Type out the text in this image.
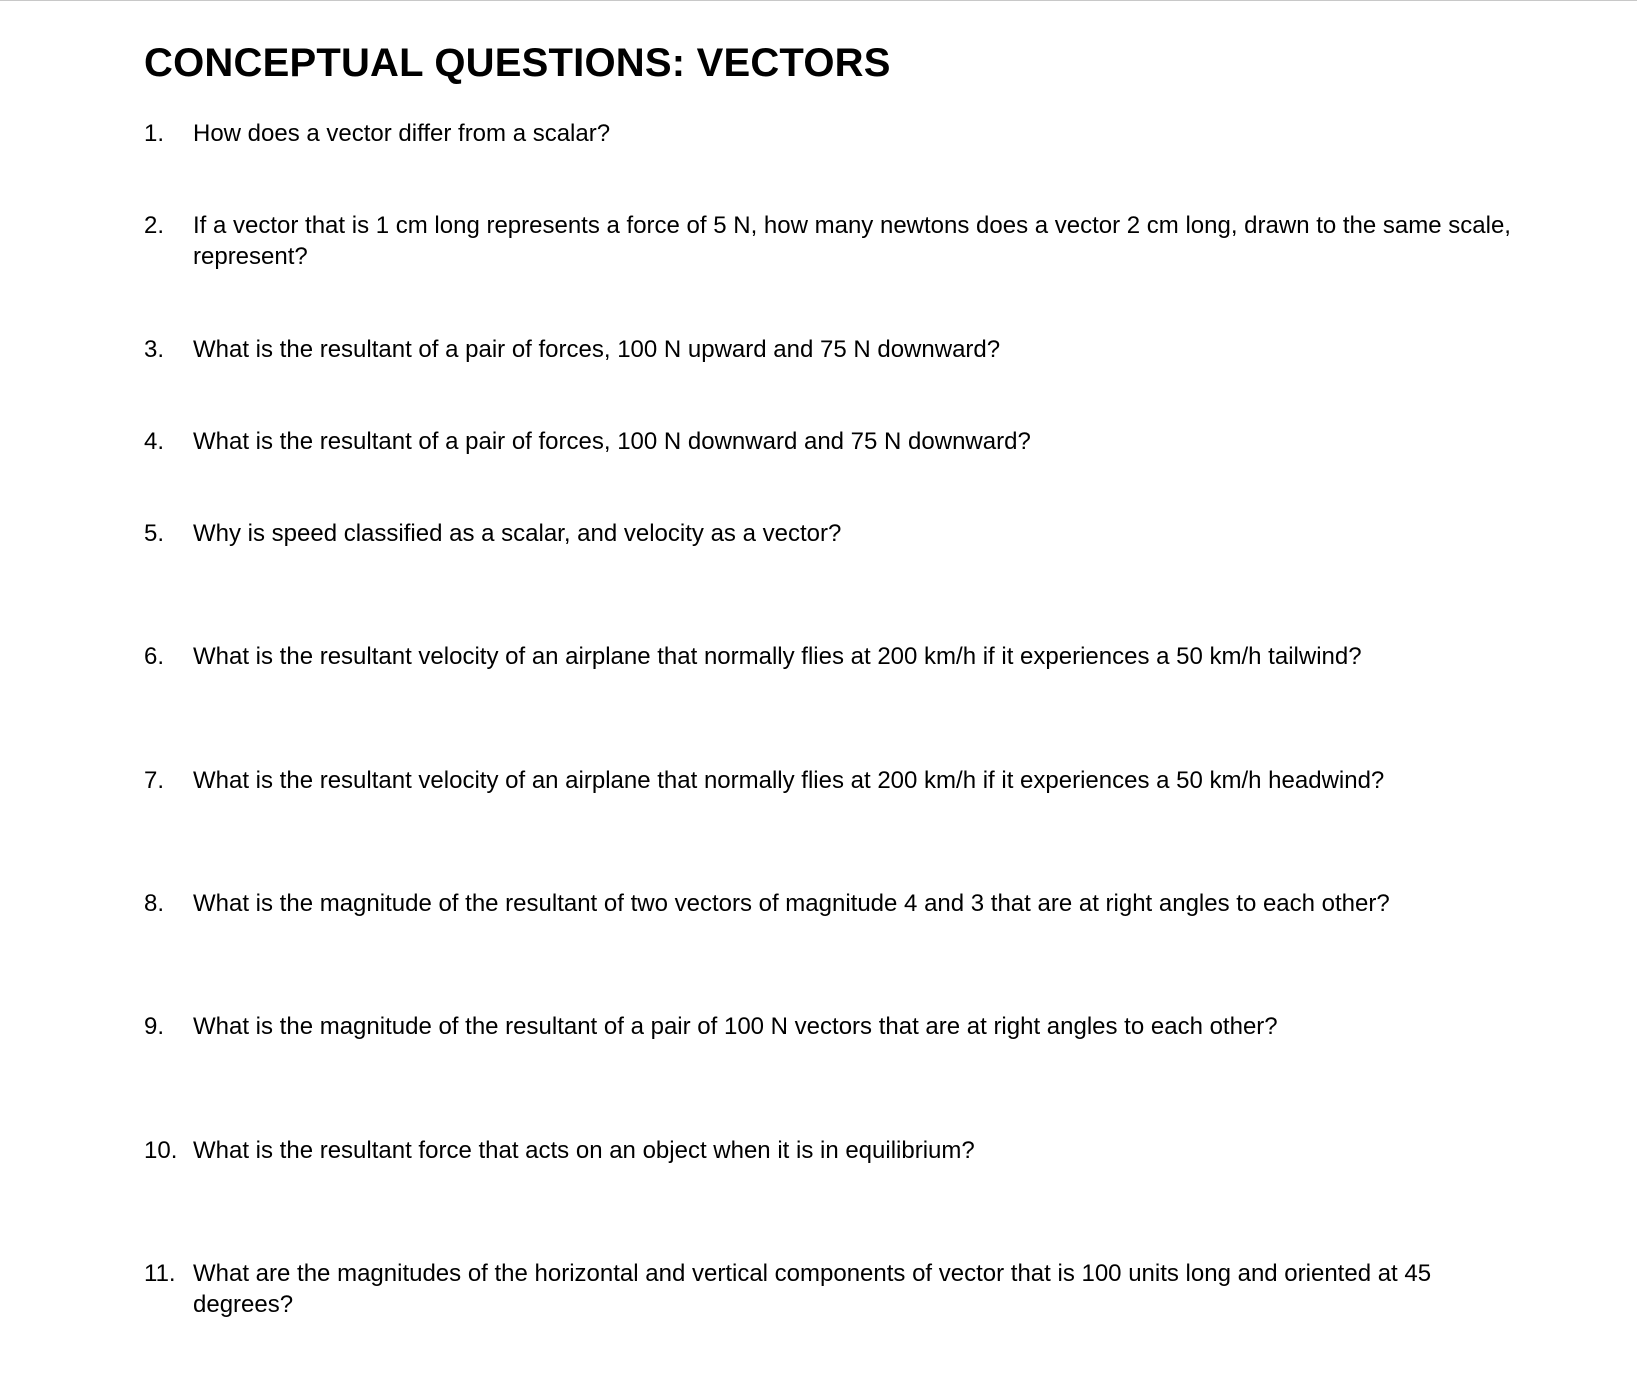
CONCEPTUAL QUESTIONS: VECTORS
1. How does a vector differ from a scalar?
2. If a vector that is 1 cm long represents a force of 5 N, how many newtons does a vector 2 cm long, drawn to the same scale, represent?
3. What is the resultant of a pair of forces, 100 N upward and 75 N downward?
4. What is the resultant of a pair of forces, 100 N downward and 75 N downward?
5. Why is speed classified as a scalar, and velocity as a vector?
6. What is the resultant velocity of an airplane that normally flies at 200 km/h if it experiences a 50 km/h tailwind?
7. What is the resultant velocity of an airplane that normally flies at 200 km/h if it experiences a 50 km/h headwind?
8. What is the magnitude of the resultant of two vectors of magnitude 4 and 3 that are at right angles to each other?
9. What is the magnitude of the resultant of a pair of 100 N vectors that are at right angles to each other?
10. What is the resultant force that acts on an object when it is in equilibrium?
11. What are the magnitudes of the horizontal and vertical components of vector that is 100 units long and oriented at 45 degrees?
